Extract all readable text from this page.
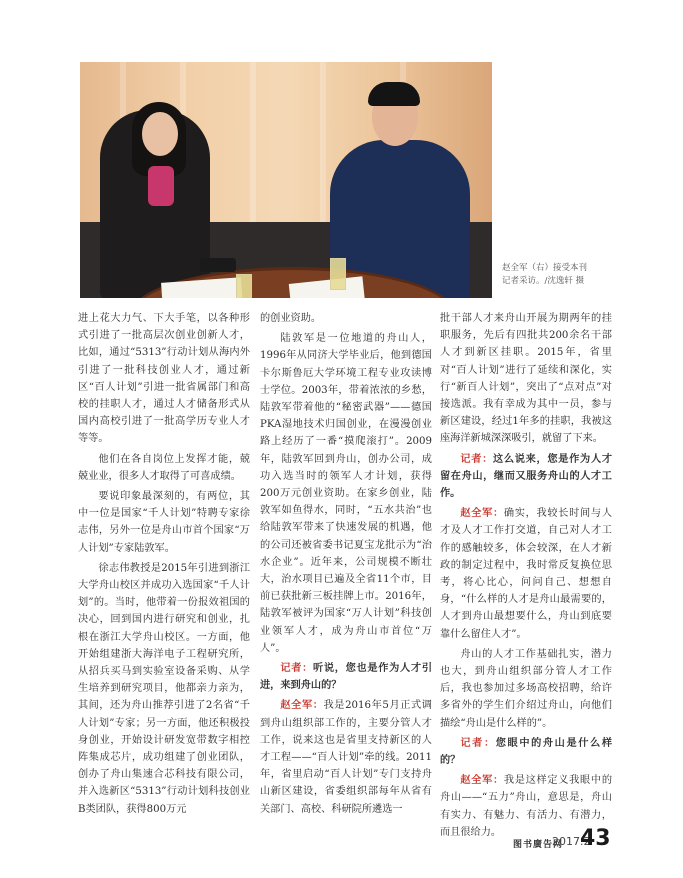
赵全军（右）接受本刊
记者采访。/沈逸轩 摄

进上花大力气、下大手笔，以各种形式引进了一批高层次创业创新人才，比如，通过“5313”行动计划从海内外引进了一批科技创业人才，通过新区“百人计划”引进一批省属部门和高校的挂职人才，通过人才储备形式从国内高校引进了一批高学历专业人才等等。

他们在各自岗位上发挥才能，兢兢业业，很多人才取得了可喜成绩。

要说印象最深刻的，有两位，其中一位是国家“千人计划”特聘专家徐志伟，另外一位是舟山市首个国家“万人计划”专家陆敦军。

徐志伟教授是2015年引进到浙江大学舟山校区并成功入选国家“千人计划”的。当时，他带着一份报效祖国的决心，回到国内进行研究和创业，扎根在浙江大学舟山校区。一方面，他开始组建浙大海洋电子工程研究所，从招兵买马到实验室设备采购、从学生培养到研究项目，他都亲力亲为，其间，还为舟山推荐引进了2名省“千人计划”专家；另一方面，他还积极投身创业，开始设计研发宽带数字相控阵集成芯片，成功组建了创业团队，创办了舟山集速合芯科技有限公司，并入选新区“5313”行动计划科技创业B类团队，获得800万元

的创业资助。

陆敦军是一位地道的舟山人，1996年从同济大学毕业后，他到德国卡尔斯鲁厄大学环境工程专业攻读博士学位。2003年，带着浓浓的乡愁，陆敦军带着他的“秘密武器”——德国PKA湿地技术归国创业，在漫漫创业路上经历了一番“摸爬滚打”。2009年，陆敦军回到舟山，创办公司，成功入选当时的领军人才计划，获得200万元创业资助。在家乡创业，陆敦军如鱼得水，同时，“五水共治”也给陆敦军带来了快速发展的机遇，他的公司还被省委书记夏宝龙批示为“治水企业”。近年来，公司规模不断壮大，治水项目已遍及全省11个市，目前已获批新三板挂牌上市。2016年，陆敦军被评为国家“万人计划”科技创业领军人才，成为舟山市首位“万人”。

记者：听说，您也是作为人才引进，来到舟山的？

赵全军：我是2016年5月正式调到舟山组织部工作的，主要分管人才工作，说来这也是省里支持新区的人才工程——“百人计划”牵的线。2011年，省里启动“百人计划”专门支持舟山新区建设，省委组织部每年从省有关部门、高校、科研院所遴选一

批干部人才来舟山开展为期两年的挂职服务，先后有四批共200余名干部人才到新区挂职。2015年，省里对“百人计划”进行了延续和深化，实行“新百人计划”，突出了“点对点”对接选派。我有幸成为其中一员，参与新区建设，经过1年多的挂职，我被这座海洋新城深深吸引，就留了下来。

记者：这么说来，您是作为人才留在舟山，继而又服务舟山的人才工作。

赵全军：确实，我较长时间与人才及人才工作打交道，自己对人才工作的感触较多，体会较深，在人才新政的制定过程中，我时常反复换位思考，将心比心，问问自己、想想自身，“什么样的人才是舟山最需要的，人才到舟山最想要什么，舟山到底要靠什么留住人才”。

舟山的人才工作基础扎实，潜力也大，到舟山组织部分管人才工作后，我也参加过多场高校招聘，给许多省外的学生们介绍过舟山，向他们描绘“舟山是什么样的”。

记者：您眼中的舟山是什么样的？

赵全军：我是这样定义我眼中的舟山——“五力”舟山，意思是，舟山有实力、有魅力、有活力、有潜力，而且很给力。

图书廣告网
2017.2
43
